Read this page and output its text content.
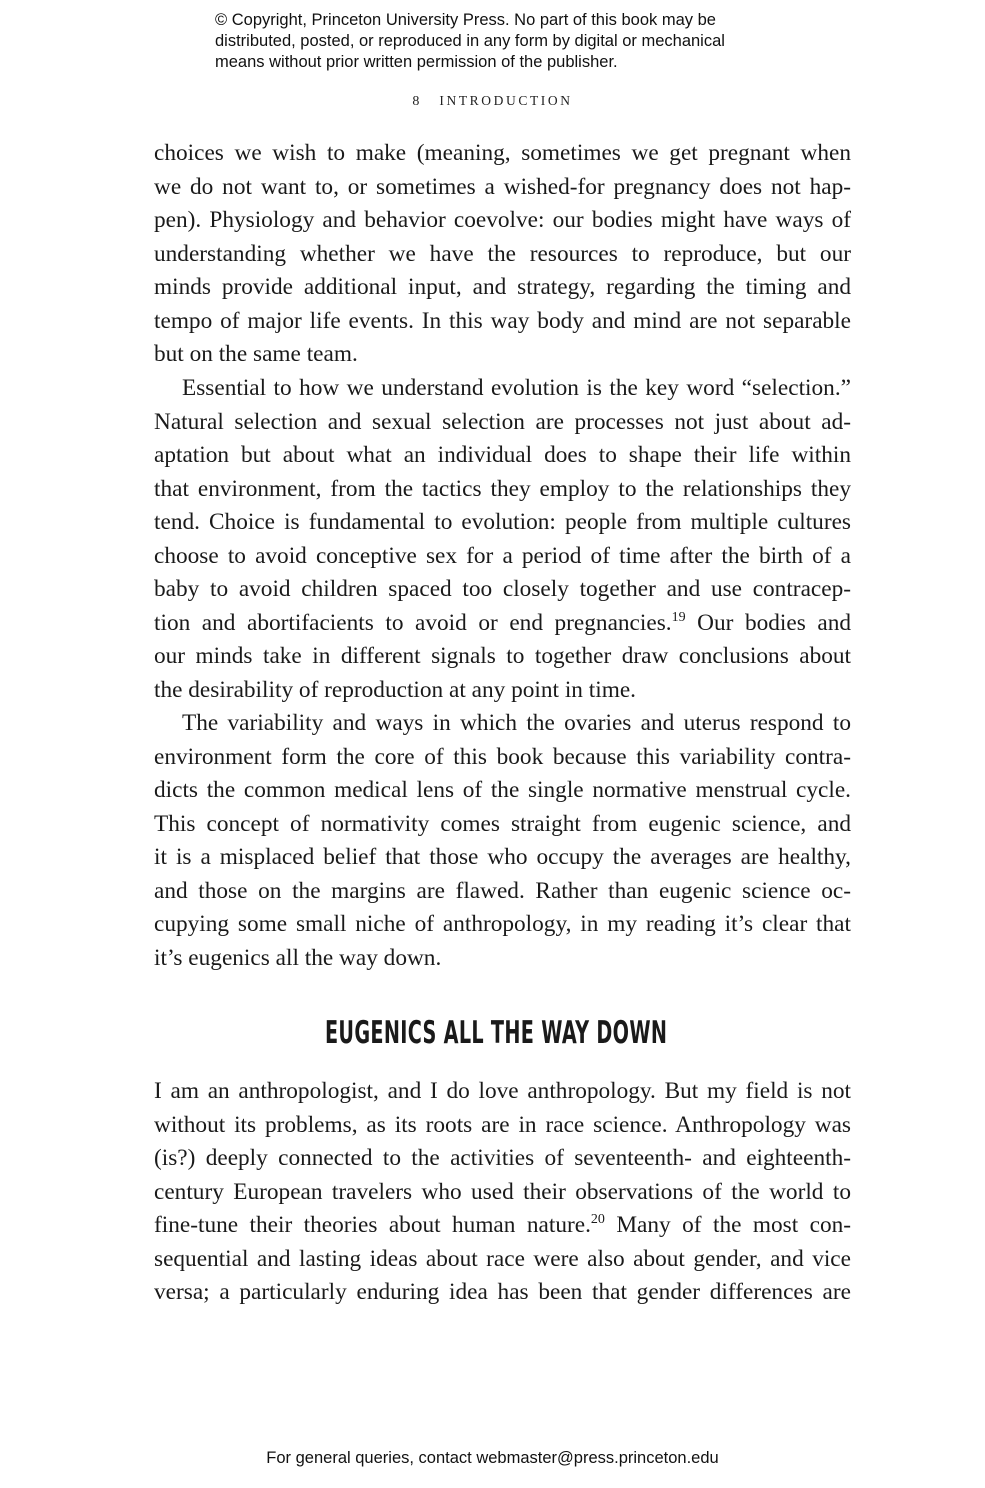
© Copyright, Princeton University Press. No part of this book may be
distributed, posted, or reproduced in any form by digital or mechanical
means without prior written permission of the publisher.
8 INTRODUCTION
choices we wish to make (meaning, sometimes we get pregnant when
we do not want to, or sometimes a wished-for pregnancy does not hap-
pen). Physiology and behavior coevolve: our bodies might have ways of
understanding whether we have the resources to reproduce, but our
minds provide additional input, and strategy, regarding the timing and
tempo of major life events. In this way body and mind are not separable
but on the same team.
Essential to how we understand evolution is the key word “selection.”
Natural selection and sexual selection are processes not just about ad-
aptation but about what an individual does to shape their life within
that environment, from the tactics they employ to the relationships they
tend. Choice is fundamental to evolution: people from multiple cultures
choose to avoid conceptive sex for a period of time after the birth of a
baby to avoid children spaced too closely together and use contracep-
tion and abortifacients to avoid or end pregnancies.$^{19}$ Our bodies and
our minds take in different signals to together draw conclusions about
the desirability of reproduction at any point in time.
The variability and ways in which the ovaries and uterus respond to
environment form the core of this book because this variability contra-
dicts the common medical lens of the single normative menstrual cycle.
This concept of normativity comes straight from eugenic science, and
it is a misplaced belief that those who occupy the averages are healthy,
and those on the margins are flawed. Rather than eugenic science oc-
cupying some small niche of anthropology, in my reading it’s clear that
it’s eugenics all the way down.
EUGENICS ALL THE WAY DOWN
I am an anthropologist, and I do love anthropology. But my field is not
without its problems, as its roots are in race science. Anthropology was
(is?) deeply connected to the activities of seventeenth- and eighteenth-
century European travelers who used their observations of the world to
fine-tune their theories about human nature.$^{20}$ Many of the most con-
sequential and lasting ideas about race were also about gender, and vice
versa; a particularly enduring idea has been that gender differences are
For general queries, contact webmaster@press.princeton.edu
